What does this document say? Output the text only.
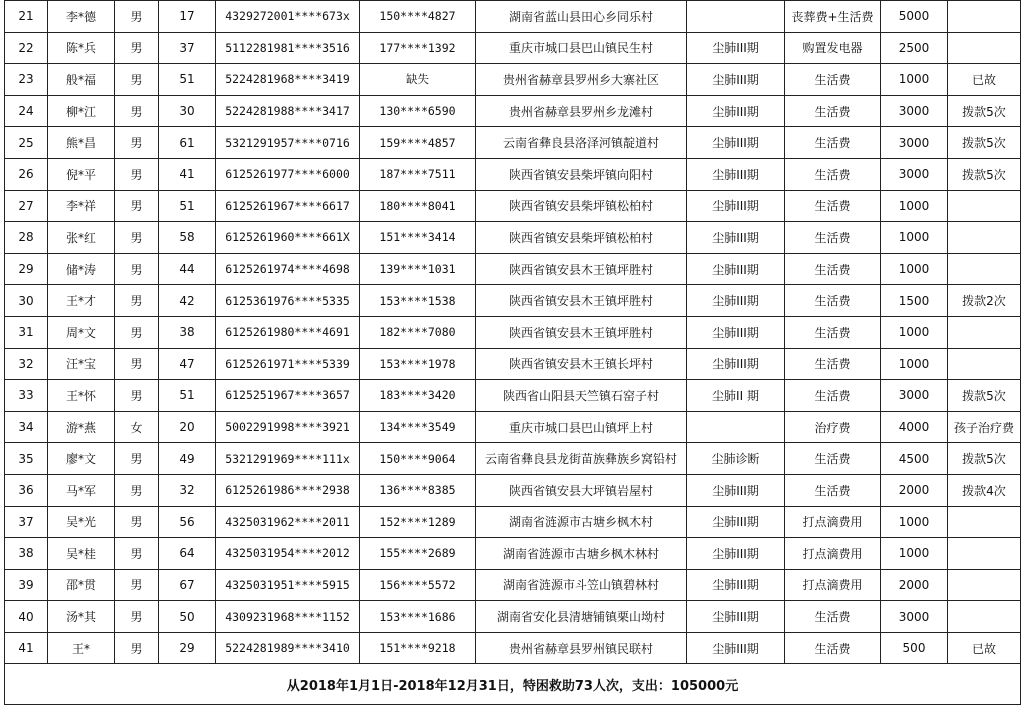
21	李*德	男	17	4329272001****673x	150****4827	湖南省蓝山县田心乡同乐村		丧葬费+生活费	5000	
22	陈*兵	男	37	5112281981****3516	177****1392	重庆市城口县巴山镇民生村	尘肺III期	购置发电器	2500	
23	般*福	男	51	5224281968****3419	缺失	贵州省赫章县罗州乡大寨社区	尘肺III期	生活费	1000	已故
24	柳*江	男	30	5224281988****3417	130****6590	贵州省赫章县罗州乡龙滩村	尘肺III期	生活费	3000	拨款5次
25	熊*昌	男	61	5321291957****0716	159****4857	云南省彝良县洛泽河镇靛道村	尘肺III期	生活费	3000	拨款5次
26	倪*平	男	41	6125261977****6000	187****7511	陕西省镇安县柴坪镇向阳村	尘肺III期	生活费	3000	拨款5次
27	李*祥	男	51	6125261967****6617	180****8041	陕西省镇安县柴坪镇松柏村	尘肺III期	生活费	1000	
28	张*红	男	58	6125261960****661X	151****3414	陕西省镇安县柴坪镇松柏村	尘肺III期	生活费	1000	
29	储*涛	男	44	6125261974****4698	139****1031	陕西省镇安县木王镇坪胜村	尘肺III期	生活费	1000	
30	王*才	男	42	6125361976****5335	153****1538	陕西省镇安县木王镇坪胜村	尘肺III期	生活费	1500	拨款2次
31	周*文	男	38	6125261980****4691	182****7080	陕西省镇安县木王镇坪胜村	尘肺III期	生活费	1000	
32	汪*宝	男	47	6125261971****5339	153****1978	陕西省镇安县木王镇长坪村	尘肺III期	生活费	1000	
33	王*怀	男	51	6125251967****3657	183****3420	陕西省山阳县天竺镇石窑子村	尘肺II 期	生活费	3000	拨款5次
34	游*燕	女	20	5002291998****3921	134****3549	重庆市城口县巴山镇坪上村		治疗费	4000	孩子治疗费
35	廖*文	男	49	5321291969****111x	150****9064	云南省彝良县龙街苗族彝族乡窝铅村	尘肺诊断	生活费	4500	拨款5次
36	马*军	男	32	6125261986****2938	136****8385	陕西省镇安县大坪镇岩屋村	尘肺III期	生活费	2000	拨款4次
37	吴*光	男	56	4325031962****2011	152****1289	湖南省涟源市古塘乡枫木村	尘肺III期	打点滴费用	1000	
38	吴*桂	男	64	4325031954****2012	155****2689	湖南省涟源市古塘乡枫木林村	尘肺III期	打点滴费用	1000	
39	邵*贯	男	67	4325031951****5915	156****5572	湖南省涟源市斗笠山镇碧林村	尘肺III期	打点滴费用	2000	
40	汤*其	男	50	4309231968****1152	153****1686	湖南省安化县清塘铺镇栗山坳村	尘肺III期	生活费	3000	
41	王*	男	29	5224281989****3410	151****9218	贵州省赫章县罗州镇民联村	尘肺III期	生活费	500	已故
从2018年1月1日-2018年12月31日，特困救助73人次，支出：105000元										
